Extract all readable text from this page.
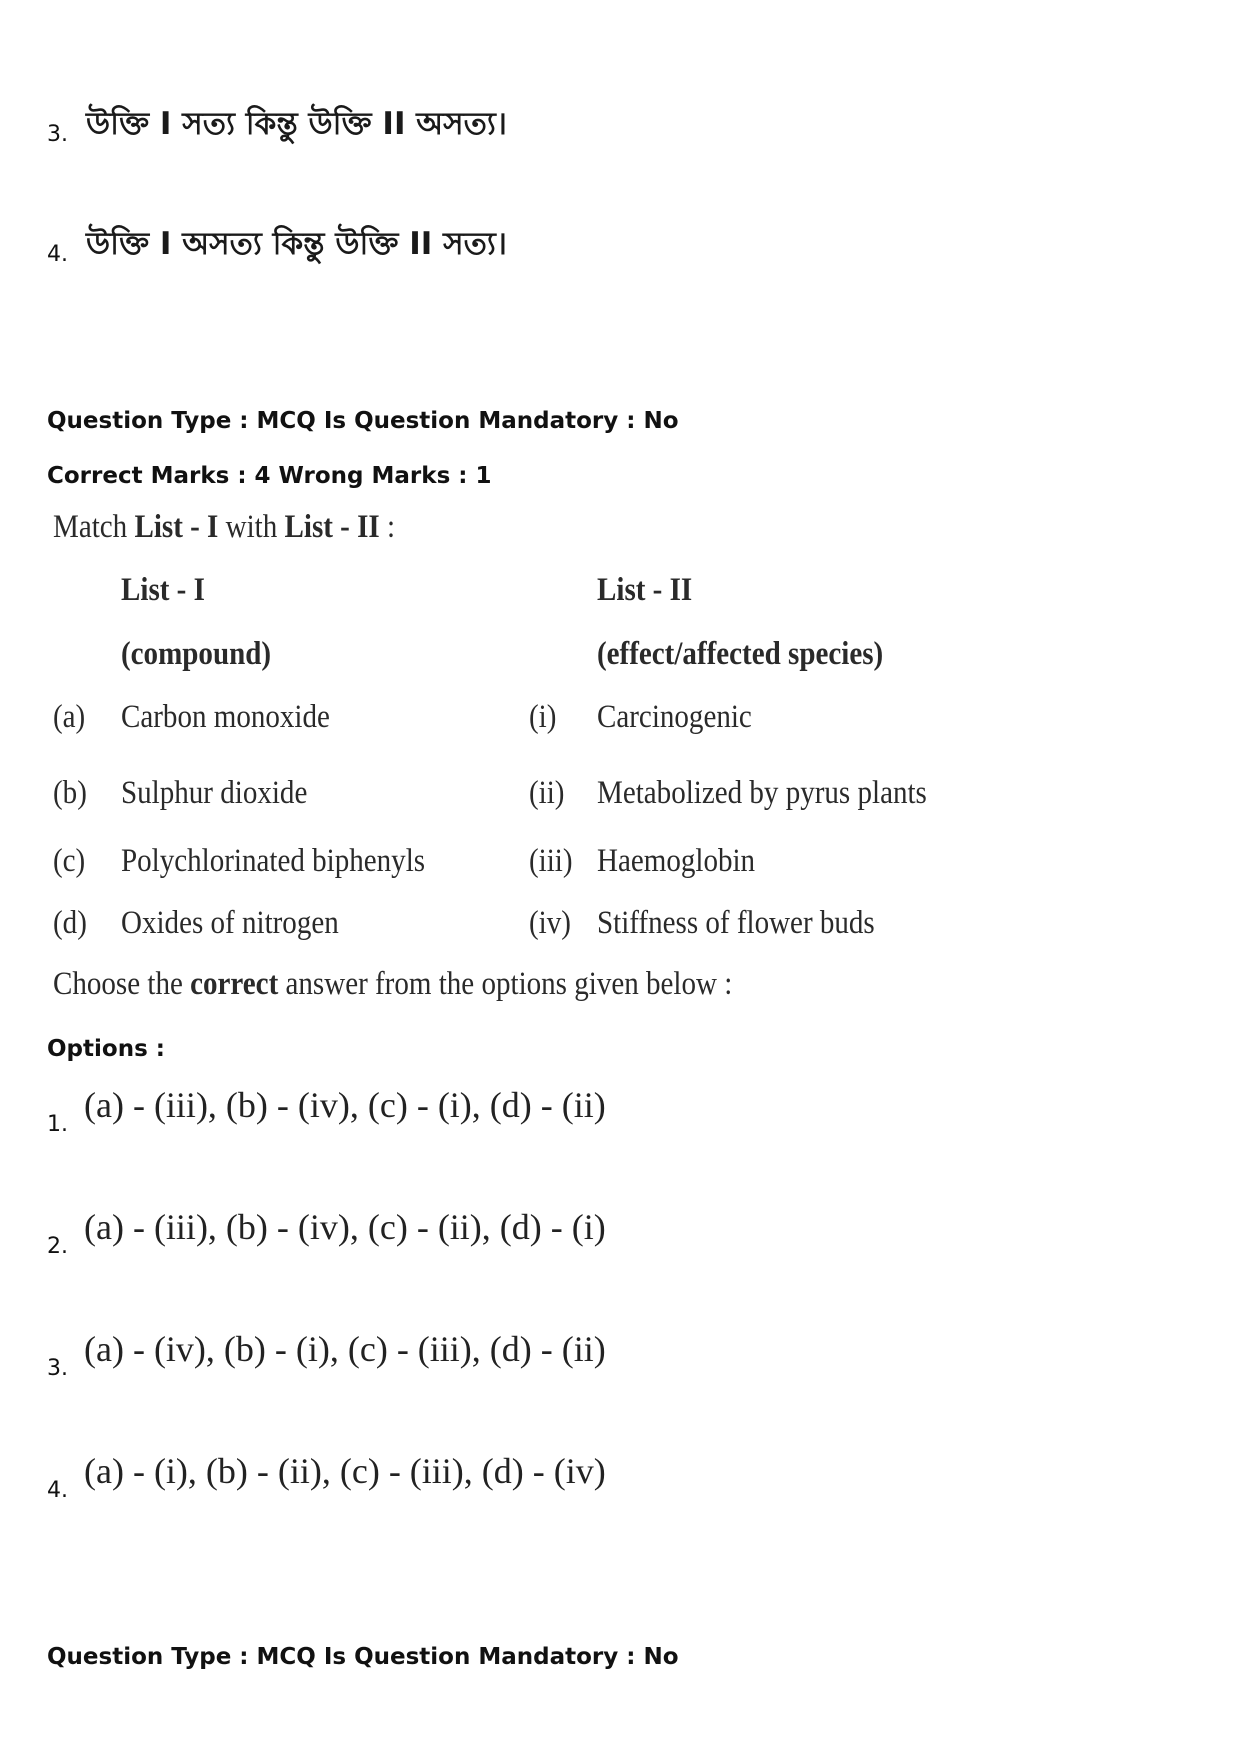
3. উক্তি I সত্য কিন্তু উক্তি II অসত্য।
4. উক্তি I অসত্য কিন্তু উক্তি II সত্য।
Question Type : MCQ Is Question Mandatory : No
Correct Marks : 4 Wrong Marks : 1
Match List - I with List - II :
List - I	List - II
(compound)	(effect/affected species)
(a) Carbon monoxide	(i) Carcinogenic
(b) Sulphur dioxide	(ii) Metabolized by pyrus plants
(c) Polychlorinated biphenyls	(iii) Haemoglobin
(d) Oxides of nitrogen	(iv) Stiffness of flower buds
Choose the correct answer from the options given below :
Options :
1. (a) - (iii), (b) - (iv), (c) - (i), (d) - (ii)
2. (a) - (iii), (b) - (iv), (c) - (ii), (d) - (i)
3. (a) - (iv), (b) - (i), (c) - (iii), (d) - (ii)
4. (a) - (i), (b) - (ii), (c) - (iii), (d) - (iv)
Question Type : MCQ Is Question Mandatory : No
